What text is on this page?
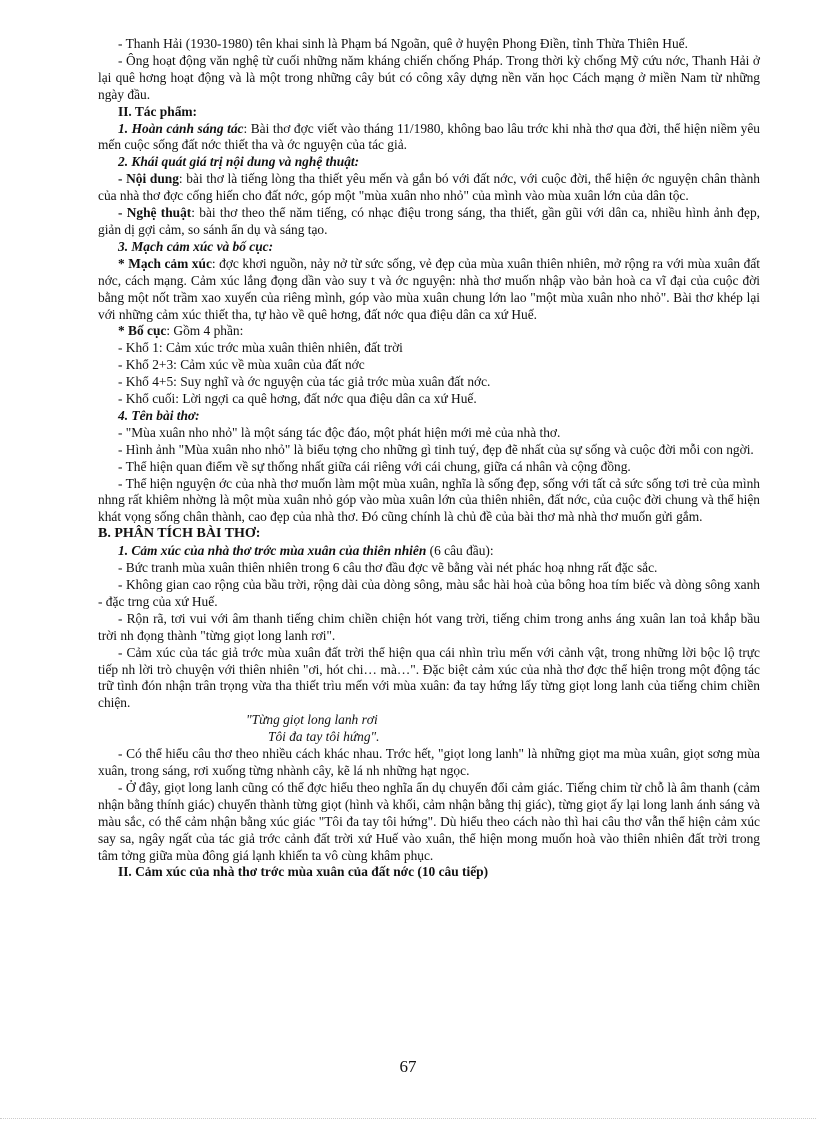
- Thanh Hải (1930-1980) tên khai sinh là Phạm bá Ngoãn, quê ở huyện Phong Điền, tỉnh Thừa Thiên Huế.

- Ông hoạt động văn nghệ từ cuối những năm kháng chiến chống Pháp. Trong thời kỳ chống Mỹ cứu nớc, Thanh Hải ở lại quê hơng hoạt động và là một trong những cây bút có công xây dựng nền văn học Cách mạng ở miền Nam từ những ngày đầu.

II. Tác phẩm:

1. Hoàn cảnh sáng tác: Bài thơ đợc viết vào tháng 11/1980, không bao lâu trớc khi nhà thơ qua đời, thể hiện niềm yêu mến cuộc sống đất nớc thiết tha và ớc nguyện của tác giả.

2. Khái quát giá trị nội dung và nghệ thuật:

- Nội dung: bài thơ là tiếng lòng tha thiết yêu mến và gắn bó với đất nớc, với cuộc đời, thể hiện ớc nguyện chân thành của nhà thơ đợc cống hiến cho đất nớc, góp một "mùa xuân nho nhỏ" của mình vào mùa xuân lớn của dân tộc.

- Nghệ thuật: bài thơ theo thể năm tiếng, có nhạc điệu trong sáng, tha thiết, gần gũi với dân ca, nhiều hình ảnh đẹp, giản dị gợi cảm, so sánh ẩn dụ và sáng tạo.

3. Mạch cảm xúc và bố cục:

* Mạch cảm xúc: đợc khơi nguồn, nảy nở từ sức sống, vẻ đẹp của mùa xuân thiên nhiên, mở rộng ra với mùa xuân đất nớc, cách mạng. Cảm xúc lắng đọng dần vào suy t và ớc nguyện: nhà thơ muốn nhập vào bản hoà ca vĩ đại của cuộc đời bằng một nốt trầm xao xuyến của riêng mình, góp vào mùa xuân chung lớn lao "một mùa xuân nho nhỏ". Bài thơ khép lại với những cảm xúc thiết tha, tự hào về quê hơng, đất nớc qua điệu dân ca xứ Huế.

* Bố cục: Gồm 4 phần:

- Khổ 1: Cảm xúc trớc mùa xuân thiên nhiên, đất trời

- Khổ 2+3: Cảm xúc về mùa xuân của đất nớc

- Khổ 4+5: Suy nghĩ và ớc nguyện của tác giả trớc mùa xuân đất nớc.

- Khổ cuối: Lời ngợi ca quê hơng, đất nớc qua điệu dân ca xứ Huế.

4. Tên bài thơ:

- "Mùa xuân nho nhỏ" là một sáng tác độc đáo, một phát hiện mới mẻ của nhà thơ.

- Hình ảnh "Mùa xuân nho nhỏ" là biểu tợng cho những gì tinh tuý, đẹp đẽ nhất của sự sống và cuộc đời mỗi con ngời.

- Thể hiện quan điểm về sự thống nhất giữa cái riêng với cái chung, giữa cá nhân và cộng đồng.

- Thể hiện nguyện ớc của nhà thơ muốn làm một mùa xuân, nghĩa là sống đẹp, sống với tất cả sức sống tơi trẻ của mình nhng rất khiêm nhờng là một mùa xuân nhỏ góp vào mùa xuân lớn của thiên nhiên, đất nớc, của cuộc đời chung và thể hiện khát vọng sống chân thành, cao đẹp của nhà thơ. Đó cũng chính là chủ đề của bài thơ mà nhà thơ muốn gửi gắm.

B. PHÂN TÍCH BÀI THƠ:

1. Cảm xúc của nhà thơ trớc mùa xuân của thiên nhiên (6 câu đầu):

- Bức tranh mùa xuân thiên nhiên trong 6 câu thơ đầu đợc vẽ bằng vài nét phác hoạ nhng rất đặc sắc.

- Không gian cao rộng của bầu trời, rộng dài của dòng sông, màu sắc hài hoà của bông hoa tím biếc và dòng sông xanh - đặc trng của xứ Huế.

- Rộn rã, tơi vui với âm thanh tiếng chim chiền chiện hót vang trời, tiếng chim trong anhs áng xuân lan toả khắp bầu trời nh đọng thành "từng giọt long lanh rơi".

- Cảm xúc của tác giả trớc mùa xuân đất trời thể hiện qua cái nhìn trìu mến với cảnh vật, trong những lời bộc lộ trực tiếp nh lời trò chuyện với thiên nhiên "ơi, hót chi… mà…". Đặc biệt cảm xúc của nhà thơ đợc thể hiện trong một động tác trữ tình đón nhận trân trọng vừa tha thiết trìu mến với mùa xuân: đa tay hứng lấy từng giọt long lanh của tiếng chim chiền chiện.

"Từng giọt long lanh rơi

Tôi đa tay tôi hứng".

- Có thể hiểu câu thơ theo nhiều cách khác nhau. Trớc hết, "giọt long lanh" là những giọt ma mùa xuân, giọt sơng mùa xuân, trong sáng, rơi xuống từng nhành cây, kẽ lá nh những hạt ngọc.

- Ở đây, giọt long lanh cũng có thể đợc hiểu theo nghĩa ẩn dụ chuyển đổi cảm giác. Tiếng chim từ chỗ là âm thanh (cảm nhận bằng thính giác) chuyển thành từng giọt (hình và khối, cảm nhận bằng thị giác), từng giọt ấy lại long lanh ánh sáng và màu sắc, có thể cảm nhận bằng xúc giác "Tôi đa tay tôi hứng". Dù hiểu theo cách nào thì hai câu thơ vẫn thể hiện cảm xúc say sa, ngây ngất của tác giả trớc cảnh đất trời xứ Huế vào xuân, thể hiện mong muốn hoà vào thiên nhiên đất trời trong tâm tởng giữa mùa đông giá lạnh khiến ta vô cùng khâm phục.

II. Cảm xúc của nhà thơ trớc mùa xuân của đất nớc (10 câu tiếp)

67
